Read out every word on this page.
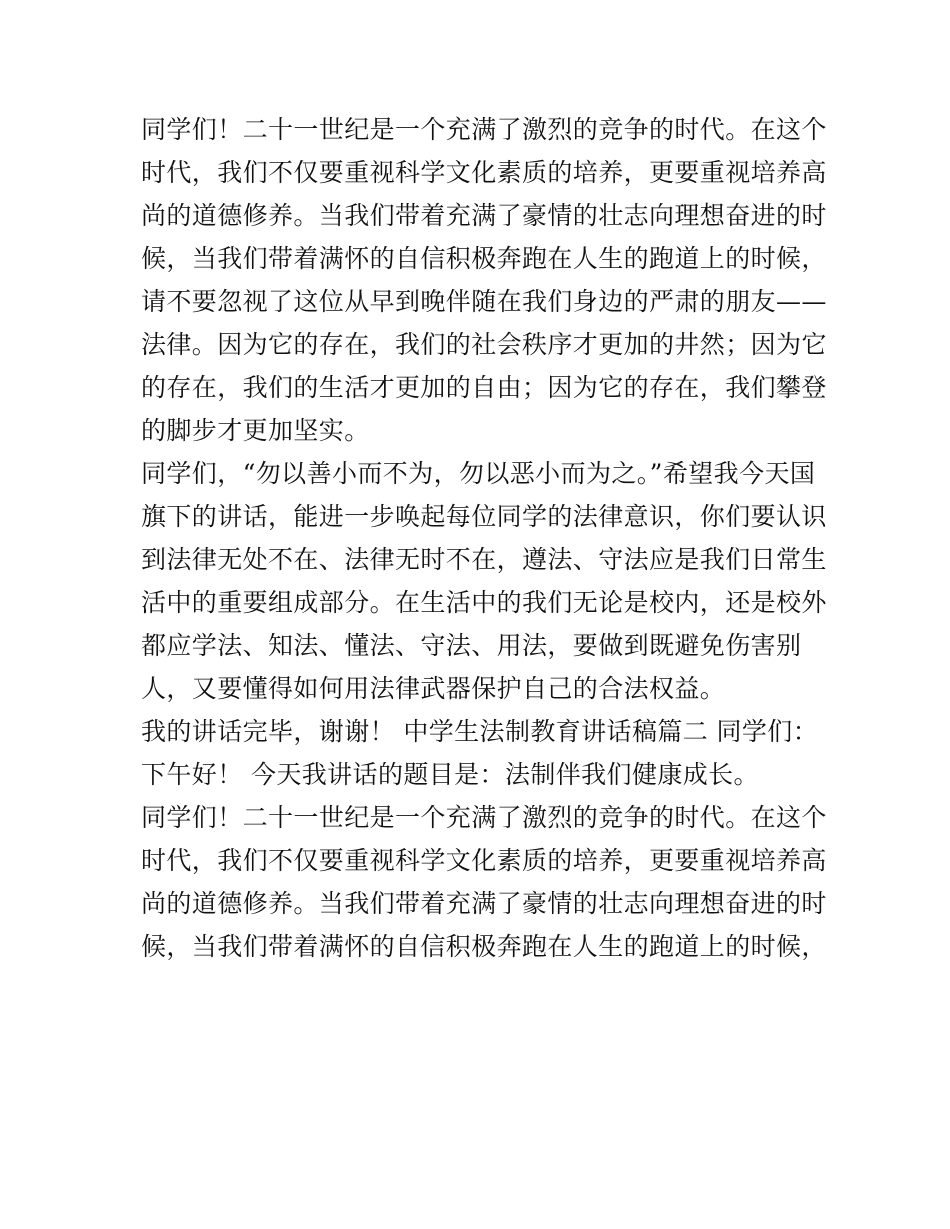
同学们！二十一世纪是一个充满了激烈的竞争的时代。在这个
时代，我们不仅要重视科学文化素质的培养，更要重视培养高
尚的道德修养。当我们带着充满了豪情的壮志向理想奋进的时
候，当我们带着满怀的自信积极奔跑在人生的跑道上的时候，
请不要忽视了这位从早到晚伴随在我们身边的严肃的朋友——
法律。因为它的存在，我们的社会秩序才更加的井然；因为它
的存在，我们的生活才更加的自由；因为它的存在，我们攀登
的脚步才更加坚实。
同学们，“勿以善小而不为，勿以恶小而为之。”希望我今天国
旗下的讲话，能进一步唤起每位同学的法律意识，你们要认识
到法律无处不在、法律无时不在，遵法、守法应是我们日常生
活中的重要组成部分。在生活中的我们无论是校内，还是校外
都应学法、知法、懂法、守法、用法，要做到既避免伤害别
人，又要懂得如何用法律武器保护自己的合法权益。
我的讲话完毕，谢谢！ 中学生法制教育讲话稿篇二 同学们：
下午好！ 今天我讲话的题目是：法制伴我们健康成长。
同学们！二十一世纪是一个充满了激烈的竞争的时代。在这个
时代，我们不仅要重视科学文化素质的培养，更要重视培养高
尚的道德修养。当我们带着充满了豪情的壮志向理想奋进的时
候，当我们带着满怀的自信积极奔跑在人生的跑道上的时候，
